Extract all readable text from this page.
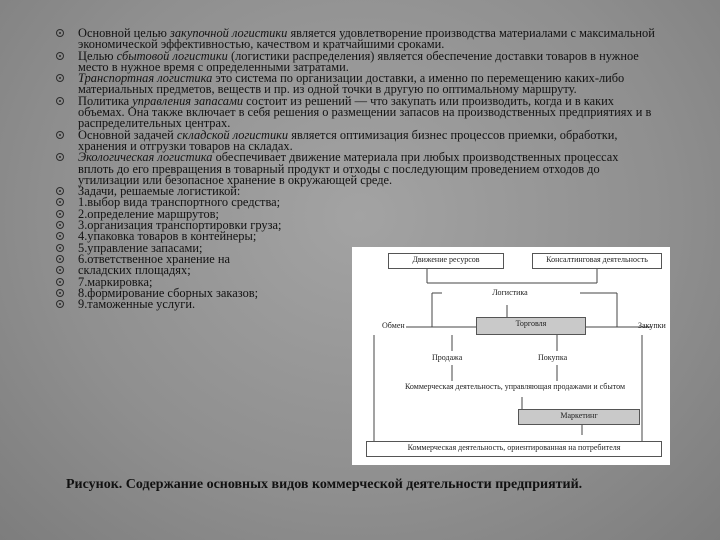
Основной целью закупочной логистики является удовлетворение производства материалами с максимальной экономической эффективностью, качеством и кратчайшими сроками.
Целью сбытовой логистики (логистики распределения) является обеспечение доставки товаров в нужное место в нужное время с определенными затратами.
Транспортная логистика это система по организации доставки, а именно по перемещению каких-либо материальных предметов, веществ и пр. из одной точки в другую по оптимальному маршруту.
Политика управления запасами состоит из решений — что закупать или производить, когда и в каких объемах. Она также включает в себя решения о размещении запасов на производственных предприятиях и в распределительных центрах.
Основной задачей складской логистики является оптимизация бизнес процессов приемки, обработки, хранения и отгрузки товаров на складах.
Экологическая логистика обеспечивает движение материала при любых производственных процессах вплоть до его превращения в товарный продукт и отходы с последующим проведением отходов до утилизации или безопасное хранение в окружающей среде.
Задачи, решаемые логистикой:
1.выбор вида транспортного средства;
2.определение маршрутов;
3.организация транспортировки груза;
4.упаковка товаров в контейнеры;
5.управление запасами;
6.ответственное хранение на
складских площадях;
7.маркировка;
8.формирование сборных заказов;
9.таможенные услуги.
Движение ресурсов	Консалтинговая деятельность
Логистика
Обмен	Торговля	Закупки
Продажа	Покупка
Коммерческая деятельность, управляющая продажами и сбытом
Маркетинг
Коммерческая деятельность, ориентированная на потребителя
Рисунок. Содержание основных видов коммерческой деятельности предприятий.
